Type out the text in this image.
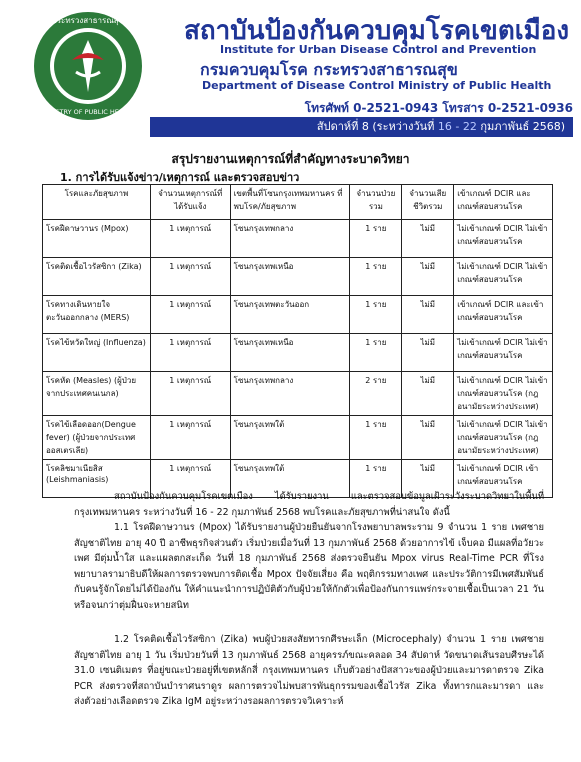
กระทรวงสาธารณสุข
MINISTRY OF PUBLIC HEALTH
สถาบันป้องกันควบคุมโรคเขตเมือง
Institute for Urban Disease Control and Prevention
กรมควบคุมโรค กระทรวงสาธารณสุข
Department of Disease Control Ministry of Public Health
โทรศัพท์ 0-2521-0943 โทรสาร 0-2521-0936
สัปดาห์ที่ 8 (ระหว่างวันที่ 16 - 22 กุมภาพันธ์ 2568)
สรุปรายงานเหตุการณ์ที่สำคัญทางระบาดวิทยา
1. การได้รับแจ้งข่าว/เหตุการณ์ และตรวจสอบข่าว
โรคและภัยสุขภาพ	จำนวนเหตุการณ์ที่ได้รับแจ้ง	เขตพื้นที่โซนกรุงเทพมหานคร ที่พบโรค/ภัยสุขภาพ	จำนวนป่วยรวม	จำนวนเสียชีวิตรวม	เข้าเกณฑ์ DCIR และเกณฑ์สอบสวนโรค
โรคฝีดาษวานร (Mpox)	1 เหตุการณ์	โซนกรุงเทพกลาง	1 ราย	ไม่มี	ไม่เข้าเกณฑ์ DCIR ไม่เข้าเกณฑ์สอบสวนโรค
โรคติดเชื้อไวรัสซิกา (Zika)	1 เหตุการณ์	โซนกรุงเทพเหนือ	1 ราย	ไม่มี	ไม่เข้าเกณฑ์ DCIR ไม่เข้าเกณฑ์สอบสวนโรค
โรคทางเดินหายใจตะวันออกกลาง (MERS)	1 เหตุการณ์	โซนกรุงเทพตะวันออก	1 ราย	ไม่มี	เข้าเกณฑ์ DCIR และเข้าเกณฑ์สอบสวนโรค
โรคไข้หวัดใหญ่ (Influenza)	1 เหตุการณ์	โซนกรุงเทพเหนือ	1 ราย	ไม่มี	ไม่เข้าเกณฑ์ DCIR ไม่เข้าเกณฑ์สอบสวนโรค
โรคหัด (Measles) (ผู้ป่วยจากประเทศคนเนกล)	1 เหตุการณ์	โซนกรุงเทพกลาง	2 ราย	ไม่มี	ไม่เข้าเกณฑ์ DCIR ไม่เข้าเกณฑ์สอบสวนโรค (กฎอนามัยระหว่างประเทศ)
โรคไข้เลือดออก(Dengue fever) (ผู้ป่วยจากประเทศออสเตรเลีย)	1 เหตุการณ์	โซนกรุงเทพใต้	1 ราย	ไม่มี	ไม่เข้าเกณฑ์ DCIR ไม่เข้าเกณฑ์สอบสวนโรค (กฎอนามัยระหว่างประเทศ)
โรคลิชมาเนียสิส (Leishmaniasis)	1 เหตุการณ์	โซนกรุงเทพใต้	1 ราย	ไม่มี	ไม่เข้าเกณฑ์ DCIR เข้าเกณฑ์สอบสวนโรค
สถาบันป้องกันควบคุมโรคเขตเมือง ได้รับรายงาน และตรวจสอบข้อมูลเฝ้าระวังระบาดวิทยาในพื้นที่กรุงเทพมหานคร ระหว่างวันที่ 16 - 22 กุมภาพันธ์ 2568 พบโรคและภัยสุขภาพที่น่าสนใจ ดังนี้
1.1 โรคฝีดาษวานร (Mpox) ได้รับรายงานผู้ป่วยยืนยันจากโรงพยาบาลพระราม 9 จำนวน 1 ราย เพศชาย สัญชาติไทย อายุ 40 ปี อาชีพธุรกิจส่วนตัว เริ่มป่วยเมื่อวันที่ 13 กุมภาพันธ์ 2568 ด้วยอาการไข้ เจ็บคอ มีแผลที่อวัยวะเพศ มีตุ่มน้ำใส และแผลตกสะเก็ด วันที่ 18 กุมภาพันธ์ 2568 ส่งตรวจยืนยัน Mpox virus Real-Time PCR ที่โรงพยาบาลรามาธิบดีให้ผลการตรวจพบการติดเชื้อ Mpox ปัจจัยเสี่ยง คือ พฤติกรรมทางเพศ และประวัติการมีเพศสัมพันธ์กับคนรู้จักโดยไม่ได้ป้องกัน ให้คำแนะนำการปฏิบัติตัวกับผู้ป่วยให้กักตัวเพื่อป้องกันการแพร่กระจายเชื้อเป็นเวลา 21 วันหรือจนกว่าตุ่มฝื่นจะหายสนิท
1.2 โรคติดเชื้อไวรัสซิกา (Zika) พบผู้ป่วยสงสัยทารกศีรษะเล็ก (Microcephaly) จำนวน 1 ราย เพศชาย สัญชาติไทย อายุ 1 วัน เริ่มป่วยวันที่ 13 กุมภาพันธ์ 2568 อายุครรภ์ขณะคลอด 34 สัปดาห์ วัดขนาดเส้นรอบศีรษะได้ 31.0 เซนติเมตร ที่อยู่ขณะป่วยอยู่ที่เขตหลักสี่ กรุงเทพมหานคร เก็บตัวอย่างปัสสาวะของผู้ป่วยและมารดาตรวจ Zika PCR ส่งตรวจที่สถาบันบำราศนราดูร ผลการตรวจไม่พบสารพันธุกรรมของเชื้อไวรัส Zika ทั้งทารกและมารดา และส่งตัวอย่างเลือดตรวจ Zika IgM อยู่ระหว่างรอผลการตรวจวิเคราะห์
